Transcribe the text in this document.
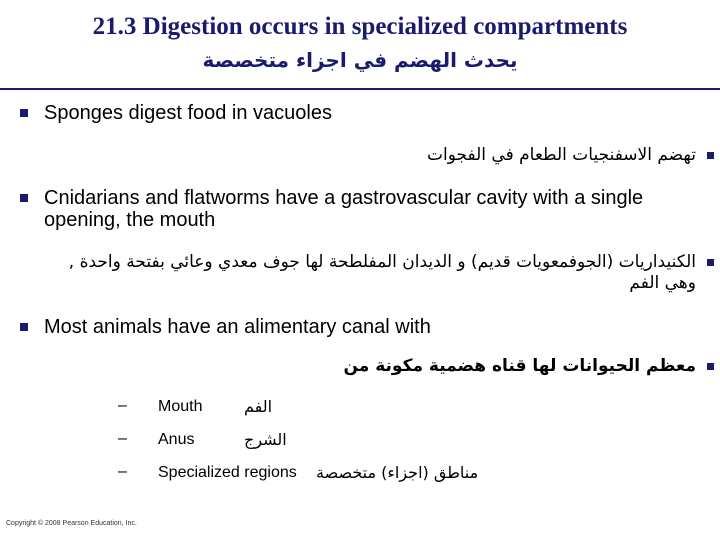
21.3 Digestion occurs in specialized compartments
يحدث الهضم في اجزاء متخصصة
Sponges digest food in vacuoles
تهضم الاسفنجيات الطعام في الفجوات
Cnidarians and flatworms have a gastrovascular cavity with a single opening, the mouth
الكنيداريات (الجوفمعويات قديم) و الديدان المفلطحة لها جوف معدي وعائي بفتحة واحدة , وهي الفم
Most animals have an alimentary canal with
معظم الحيوانات لها قناه هضمية مكونة من
– Mouth	الفم
– Anus	الشرج
– Specialized regions مناطق (اجزاء) متخصصة
Copyright © 2008 Pearson Education, Inc.
